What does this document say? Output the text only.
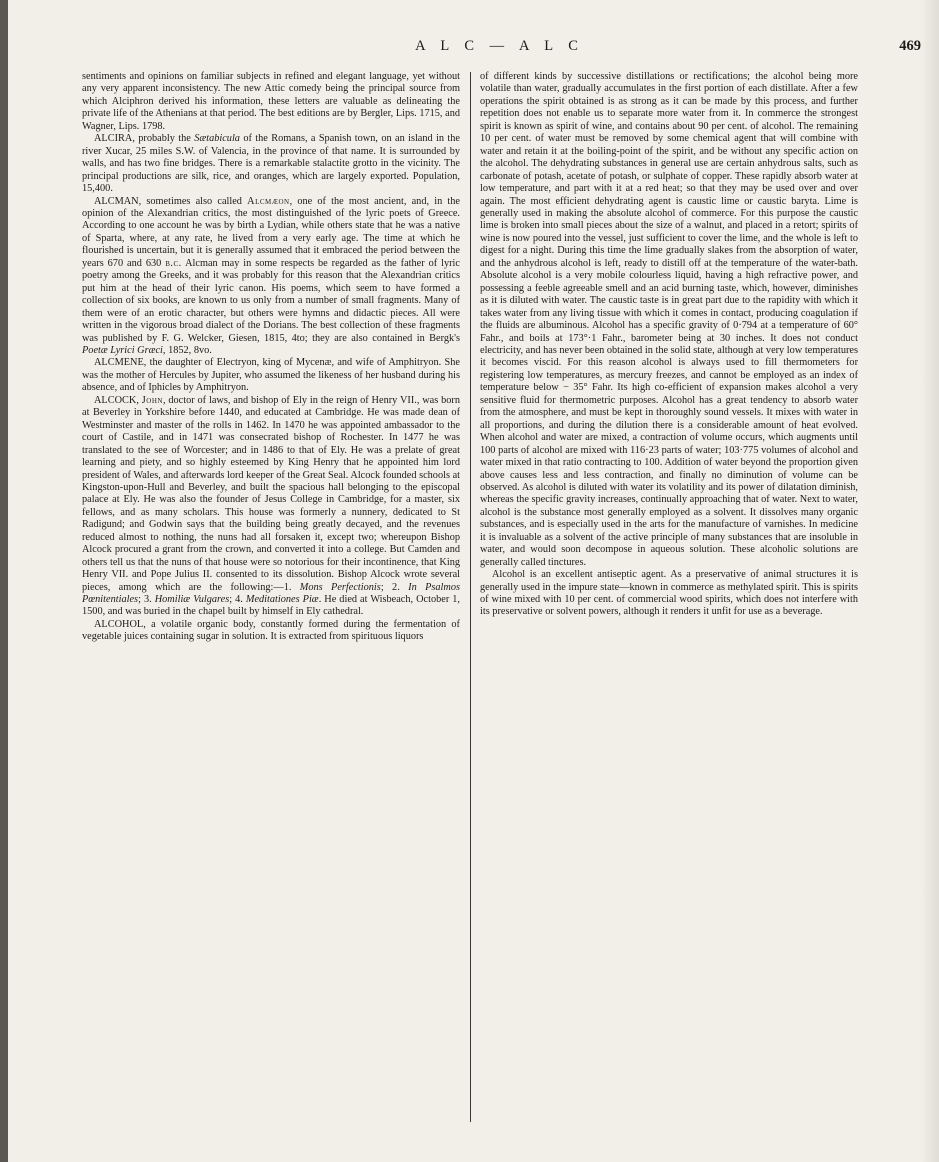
A L C — A L C	469

sentiments and opinions on familiar subjects in refined and elegant language, yet without any very apparent inconsistency. The new Attic comedy being the principal source from which Alciphron derived his information, these letters are valuable as delineating the private life of the Athenians at that period. The best editions are by Bergler, Lips. 1715, and Wagner, Lips. 1798.

ALCIRA, probably the Sætabicula of the Romans, a Spanish town, on an island in the river Xucar, 25 miles S.W. of Valencia, in the province of that name. It is surrounded by walls, and has two fine bridges. There is a remarkable stalactite grotto in the vicinity. The principal productions are silk, rice, and oranges, which are largely exported. Population, 15,400.

ALCMAN, sometimes also called Alcmæon, one of the most ancient, and, in the opinion of the Alexandrian critics, the most distinguished of the lyric poets of Greece. According to one account he was by birth a Lydian, while others state that he was a native of Sparta, where, at any rate, he lived from a very early age. The time at which he flourished is uncertain, but it is generally assumed that it embraced the period between the years 670 and 630 b.c. Alcman may in some respects be regarded as the father of lyric poetry among the Greeks, and it was probably for this reason that the Alexandrian critics put him at the head of their lyric canon. His poems, which seem to have formed a collection of six books, are known to us only from a number of small fragments. Many of them were of an erotic character, but others were hymns and didactic pieces. All were written in the vigorous broad dialect of the Dorians. The best collection of these fragments was published by F. G. Welcker, Giesen, 1815, 4to; they are also contained in Bergk's Poetæ Lyrici Græci, 1852, 8vo.

ALCMENE, the daughter of Electryon, king of Mycenæ, and wife of Amphitryon. She was the mother of Hercules by Jupiter, who assumed the likeness of her husband during his absence, and of Iphicles by Amphitryon.

ALCOCK, John, doctor of laws, and bishop of Ely in the reign of Henry VII., was born at Beverley in Yorkshire before 1440, and educated at Cambridge. He was made dean of Westminster and master of the rolls in 1462. In 1470 he was appointed ambassador to the court of Castile, and in 1471 was consecrated bishop of Rochester. In 1477 he was translated to the see of Worcester; and in 1486 to that of Ely. He was a prelate of great learning and piety, and so highly esteemed by King Henry that he appointed him lord president of Wales, and afterwards lord keeper of the Great Seal. Alcock founded schools at Kingston-upon-Hull and Beverley, and built the spacious hall belonging to the episcopal palace at Ely. He was also the founder of Jesus College in Cambridge, for a master, six fellows, and as many scholars. This house was formerly a nunnery, dedicated to St Radigund; and Godwin says that the building being greatly decayed, and the revenues reduced almost to nothing, the nuns had all forsaken it, except two; whereupon Bishop Alcock procured a grant from the crown, and converted it into a college. But Camden and others tell us that the nuns of that house were so notorious for their incontinence, that King Henry VII. and Pope Julius II. consented to its dissolution. Bishop Alcock wrote several pieces, among which are the following:—1. Mons Perfectionis; 2. In Psalmos Pœnitentiales; 3. Homiliæ Vulgares; 4. Meditationes Piæ. He died at Wisbeach, October 1, 1500, and was buried in the chapel built by himself in Ely cathedral.

ALCOHOL, a volatile organic body, constantly formed during the fermentation of vegetable juices containing sugar in solution. It is extracted from spirituous liquors

of different kinds by successive distillations or rectifications; the alcohol being more volatile than water, gradually accumulates in the first portion of each distillate. After a few operations the spirit obtained is as strong as it can be made by this process, and further repetition does not enable us to separate more water from it. In commerce the strongest spirit is known as spirit of wine, and contains about 90 per cent. of alcohol. The remaining 10 per cent. of water must be removed by some chemical agent that will combine with water and retain it at the boiling-point of the spirit, and be without any specific action on the alcohol. The dehydrating substances in general use are certain anhydrous salts, such as carbonate of potash, acetate of potash, or sulphate of copper. These rapidly absorb water at low temperature, and part with it at a red heat; so that they may be used over and over again. The most efficient dehydrating agent is caustic lime or caustic baryta. Lime is generally used in making the absolute alcohol of commerce. For this purpose the caustic lime is broken into small pieces about the size of a walnut, and placed in a retort; spirits of wine is now poured into the vessel, just sufficient to cover the lime, and the whole is left to digest for a night. During this time the lime gradually slakes from the absorption of water, and the anhydrous alcohol is left, ready to distill off at the temperature of the water-bath. Absolute alcohol is a very mobile colourless liquid, having a high refractive power, and possessing a feeble agreeable smell and an acid burning taste, which, however, diminishes as it is diluted with water. The caustic taste is in great part due to the rapidity with which it takes water from any living tissue with which it comes in contact, producing coagulation if the fluids are albuminous. Alcohol has a specific gravity of 0·794 at a temperature of 60° Fahr., and boils at 173°·1 Fahr., barometer being at 30 inches. It does not conduct electricity, and has never been obtained in the solid state, although at very low temperatures it becomes viscid. For this reason alcohol is always used to fill thermometers for registering low temperatures, as mercury freezes, and cannot be employed as an index of temperature below − 35° Fahr. Its high co-efficient of expansion makes alcohol a very sensitive fluid for thermometric purposes. Alcohol has a great tendency to absorb water from the atmosphere, and must be kept in thoroughly sound vessels. It mixes with water in all proportions, and during the dilution there is a considerable amount of heat evolved. When alcohol and water are mixed, a contraction of volume occurs, which augments until 100 parts of alcohol are mixed with 116·23 parts of water; 103·775 volumes of alcohol and water mixed in that ratio contracting to 100. Addition of water beyond the proportion given above causes less and less contraction, and finally no diminution of volume can be observed. As alcohol is diluted with water its volatility and its power of dilatation diminish, whereas the specific gravity increases, continually approaching that of water. Next to water, alcohol is the substance most generally employed as a solvent. It dissolves many organic substances, and is especially used in the arts for the manufacture of varnishes. In medicine it is invaluable as a solvent of the active principle of many substances that are insoluble in water, and would soon decompose in aqueous solution. These alcoholic solutions are generally called tinctures.

Alcohol is an excellent antiseptic agent. As a preservative of animal structures it is generally used in the impure state—known in commerce as methylated spirit. This is spirits of wine mixed with 10 per cent. of commercial wood spirits, which does not interfere with its preservative or solvent powers, although it renders it unfit for use as a beverage.
